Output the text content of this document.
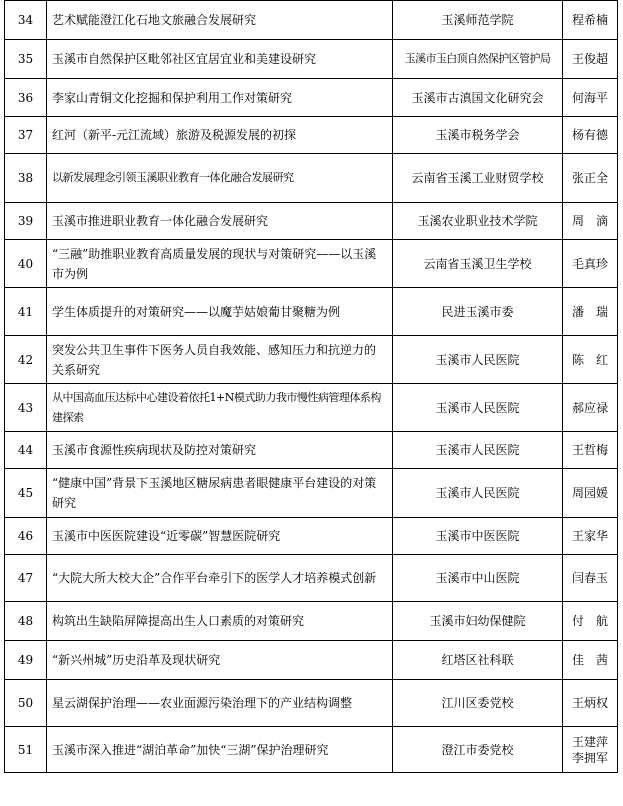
34	艺术赋能澄江化石地文旅融合发展研究	玉溪师范学院	程希楠
35	玉溪市自然保护区毗邻社区宜居宜业和美建设研究	玉溪市玉白顶自然保护区管护局	王俊超
36	李家山青铜文化挖掘和保护利用工作对策研究	玉溪市古滇国文化研究会	何海平
37	红河（新平-元江流域）旅游及税源发展的初探	玉溪市税务学会	杨有德
38	以新发展理念引领玉溪职业教育一体化融合发展研究	云南省玉溪工业财贸学校	张正全
39	玉溪市推进职业教育一体化融合发展研究	玉溪农业职业技术学院	周　滴
40	“三融”助推职业教育高质量发展的现状与对策研究——以玉溪市为例	云南省玉溪卫生学校	毛真珍
41	学生体质提升的对策研究——以魔芋姑娘葡甘聚糖为例	民进玉溪市委	潘　瑞
42	突发公共卫生事件下医务人员自我效能、感知压力和抗逆力的关系研究	玉溪市人民医院	陈　红
43	从中国高血压达标中心建设着依托1+N模式助力我市慢性病管理体系构建探索	玉溪市人民医院	郝应禄
44	玉溪市食源性疾病现状及防控对策研究	玉溪市人民医院	王哲梅
45	“健康中国”背景下玉溪地区糖尿病患者眼健康平台建设的对策研究	玉溪市人民医院	周园媛
46	玉溪市中医医院建设“近零碳”智慧医院研究	玉溪市中医医院	王家华
47	“大院大所大校大企”合作平台牵引下的医学人才培养模式创新	玉溪市中山医院	闫春玉
48	构筑出生缺陷屏障提高出生人口素质的对策研究	玉溪市妇幼保健院	付　航
49	“新兴州城”历史沿革及现状研究	红塔区社科联	佳　茜
50	星云湖保护治理——农业面源污染治理下的产业结构调整	江川区委党校	王炳权
51	玉溪市深入推进“湖泊革命”加快“三湖”保护治理研究	澄江市委党校	王建萍
李拥军
